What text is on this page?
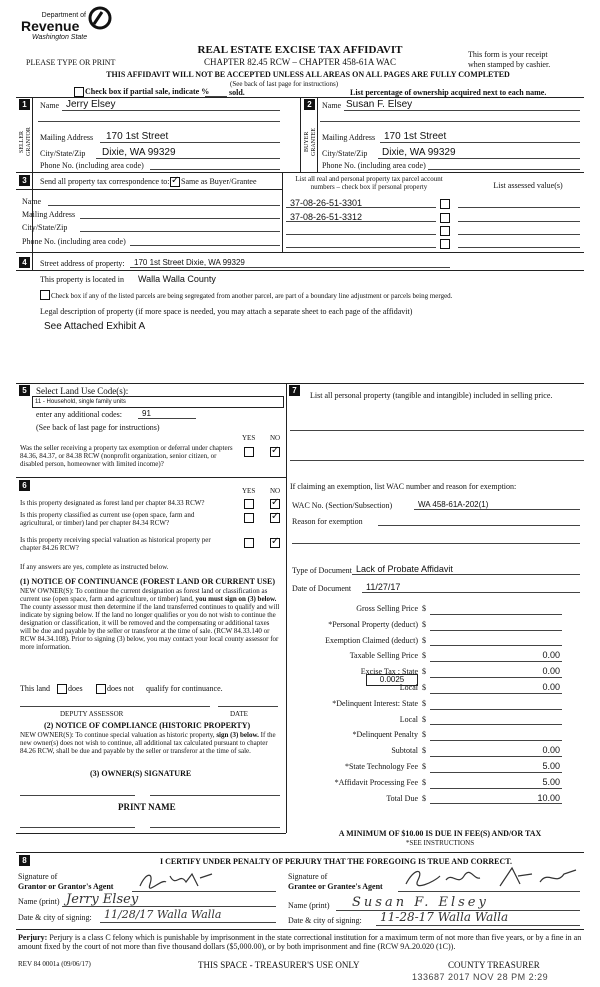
Department of
Revenue
Washington State
REAL ESTATE EXCISE TAX AFFIDAVIT
CHAPTER 82.45 RCW – CHAPTER 458-61A WAC
This form is your receipt
when stamped by cashier.
PLEASE TYPE OR PRINT
THIS AFFIDAVIT WILL NOT BE ACCEPTED UNLESS ALL AREAS ON ALL PAGES ARE FULLY COMPLETED
(See back of last page for instructions)
Check box if partial sale, indicate % sold.	List percentage of ownership acquired next to each name.
1
SELLER GRANTOR
Name Jerry Elsey
Mailing Address 170 1st Street
City/State/Zip Dixie, WA 99329
Phone No. (including area code)
2
BUYER GRANTEE
Name Susan F. Elsey
Mailing Address 170 1st Street
City/State/Zip Dixie, WA 99329
Phone No. (including area code)
3	Send all property tax correspondence to:
✓ Same as Buyer/Grantee
Name
Mailing Address
City/State/Zip
Phone No. (including area code)
List all real and personal property tax parcel account numbers – check box if personal property	List assessed value(s)
37-08-26-51-3301
37-08-26-51-3312
4	Street address of property: 170 1st Street Dixie, WA 99329
This property is located in Walla Walla County
Check box if any of the listed parcels are being segregated from another parcel, are part of a boundary line adjustment or parcels being merged.
Legal description of property (if more space is needed, you may attach a separate sheet to each page of the affidavit)
See Attached Exhibit A
5	Select Land Use Code(s):
11 - Household, single family units
enter any additional codes:	91
(See back of last page for instructions)
YES NO
Was the seller receiving a property tax exemption or deferral under chapters 84.36, 84.37, or 84.38 RCW (nonprofit organization, senior citizen, or disabled person, homeowner with limited income)?
✓
7
List all personal property (tangible and intangible) included in selling price.
6
YES NO
Is this property designated as forest land per chapter 84.33 RCW?
✓
Is this property classified as current use (open space, farm and agricultural, or timber) land per chapter 84.34 RCW?
✓
Is this property receiving special valuation as historical property per chapter 84.26 RCW?
✓
If any answers are yes, complete as instructed below.
(1) NOTICE OF CONTINUANCE (FOREST LAND OR CURRENT USE)
NEW OWNER(S): To continue the current designation as forest land or classification as current use (open space, farm and agriculture, or timber) land, you must sign on (3) below. The county assessor must then determine if the land transferred continues to qualify and will indicate by signing below. If the land no longer qualifies or you do not wish to continue the designation or classification, it will be removed and the compensating or additional taxes will be due and payable by the seller or transferor at the time of sale. (RCW 84.33.140 or RCW 84.34.108). Prior to signing (3) below, you may contact your local county assessor for more information.
This land does	does not qualify for continuance.
DEPUTY ASSESSOR	DATE
(2) NOTICE OF COMPLIANCE (HISTORIC PROPERTY)
NEW OWNER(S): To continue special valuation as historic property, sign (3) below. If the new owner(s) does not wish to continue, all additional tax calculated pursuant to chapter 84.26 RCW, shall be due and payable by the seller or transferor at the time of sale.
(3) OWNER(S) SIGNATURE
PRINT NAME
If claiming an exemption, list WAC number and reason for exemption:
WAC No. (Section/Subsection)	WA 458-61A-202(1)
Reason for exemption
Type of Document Lack of Probate Affidavit
Date of Document 11/27/17
Gross Selling Price $
*Personal Property (deduct) $
Exemption Claimed (deduct) $
Taxable Selling Price $	0.00
Excise Tax : State $	0.00
Local $	0.00
*Delinquent Interest: State $
Local $
*Delinquent Penalty $
Subtotal $	0.00
*State Technology Fee $	5.00
*Affidavit Processing Fee $	5.00
Total Due $	10.00
0.0025
A MINIMUM OF $10.00 IS DUE IN FEE(S) AND/OR TAX
*SEE INSTRUCTIONS
8	I CERTIFY UNDER PENALTY OF PERJURY THAT THE FOREGOING IS TRUE AND CORRECT.
Signature of
Grantor or Grantor's Agent
Name (print) Jerry Elsey
Date & city of signing: 11/28/17 Walla Walla
Signature of
Grantee or Grantee's Agent
Name (print) Susan F. Elsey
Date & city of signing: 11-28-17 Walla Walla
Perjury: Perjury is a class C felony which is punishable by imprisonment in the state correctional institution for a maximum term of not more than five years, or by a fine in an amount fixed by the court of not more than five thousand dollars ($5,000.00), or by both imprisonment and fine (RCW 9A.20.020 (1C)).
REV 84 0001a (09/06/17)	THIS SPACE - TREASURER'S USE ONLY	COUNTY TREASURER
133687 2017 NOV 28 PM 2:29
